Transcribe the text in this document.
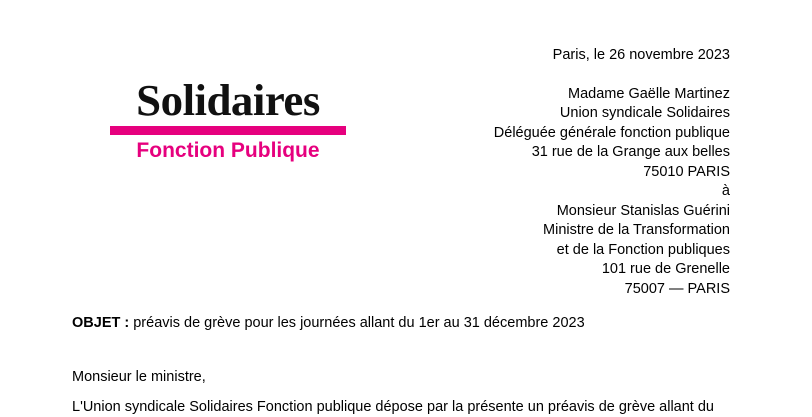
Solidaires
Fonction Publique
Paris, le 26 novembre 2023
Madame Gaëlle Martinez
Union syndicale Solidaires
Déléguée générale fonction publique
31 rue de la Grange aux belles
75010 PARIS
à
Monsieur Stanislas Guérini
Ministre de la Transformation
et de la Fonction publiques
101 rue de Grenelle
75007 — PARIS
OBJET : préavis de grève pour les journées allant du 1er au 31 décembre 2023
Monsieur le ministre,
L'Union syndicale Solidaires Fonction publique dépose par la présente un préavis de grève allant du
